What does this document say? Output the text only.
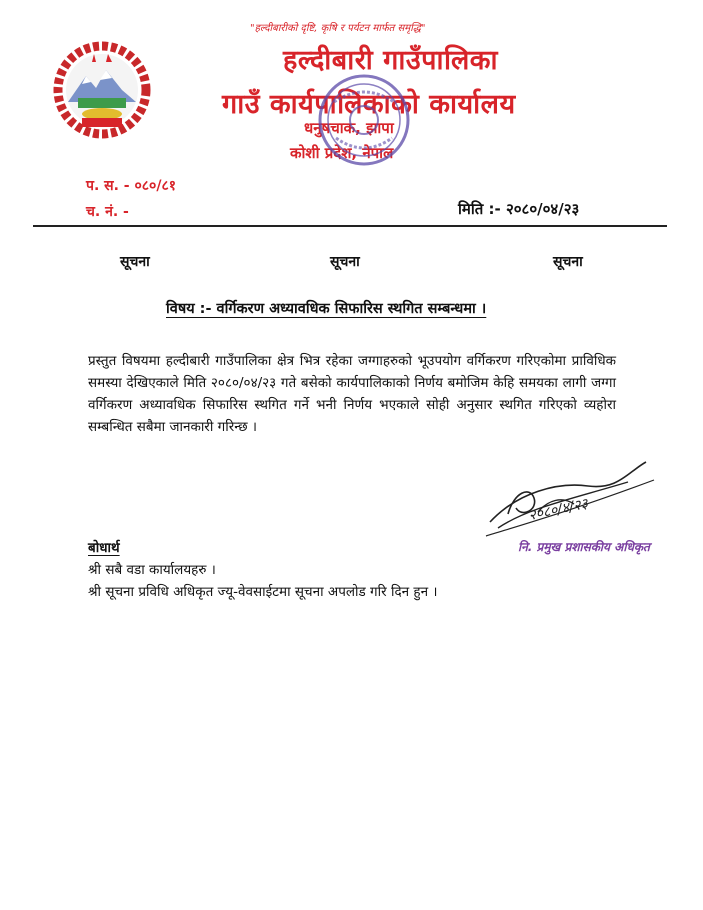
"हल्दीबारीको दृष्टि, कृषि र पर्यटन मार्फत समृद्धि"
हल्दीबारी गाउँपालिका
गाउँ कार्यपालिकाको कार्यालय
धनुषचाक, झापा
कोशी प्रदेश, नेपाल
प. स. - ०८०/८१
च. नं. -	मिति :- २०८०/०४/२३
सूचना	सूचना	सूचना
विषय :- वर्गिकरण अध्यावधिक सिफारिस स्थगित सम्बन्धमा ।

प्रस्तुत विषयमा हल्दीबारी गाउँपालिका क्षेत्र भित्र रहेका जग्गाहरुको भूउपयोग वर्गिकरण गरिएकोमा प्राविधिक समस्या देखिएकाले मिति २०८०/०४/२३ गते बसेको कार्यपालिकाको निर्णय बमोजिम केहि समयका लागी जग्गा वर्गिकरण अध्यावधिक सिफारिस स्थगित गर्ने भनी निर्णय भएकाले सोही अनुसार स्थगित गरिएको व्यहोरा सम्बन्धित सबैमा जानकारी गरिन्छ ।

२०८०/४/२३
नि. प्रमुख प्रशासकीय अधिकृत
बोधार्थ
श्री सबै वडा कार्यालयहरु ।
श्री सूचना प्रविधि अधिकृत ज्यू-वेवसाईटमा सूचना अपलोड गरि दिन हुन ।
